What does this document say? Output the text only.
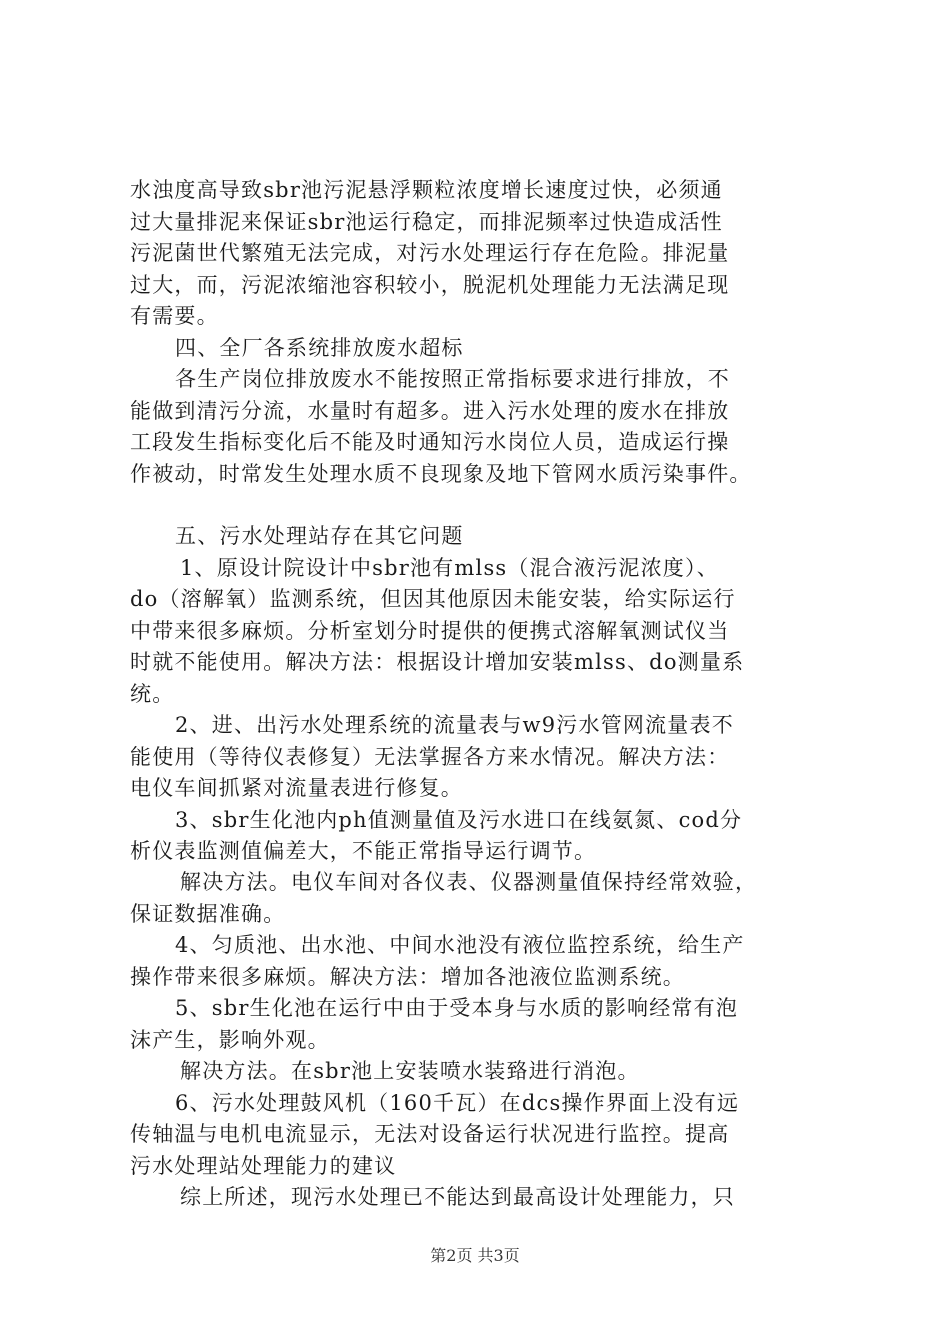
水浊度高导致sbr池污泥悬浮颗粒浓度增长速度过快，必须通
过大量排泥来保证sbr池运行稳定，而排泥频率过快造成活性
污泥菌世代繁殖无法完成，对污水处理运行存在危险。排泥量
过大，而，污泥浓缩池容积较小，脱泥机处理能力无法满足现
有需要。
四、全厂各系统排放废水超标
各生产岗位排放废水不能按照正常指标要求进行排放，不
能做到清污分流，水量时有超多。进入污水处理的废水在排放
工段发生指标变化后不能及时通知污水岗位人员，造成运行操
作被动，时常发生处理水质不良现象及地下管网水质污染事件。
五、污水处理站存在其它问题
1、原设计院设计中sbr池有mlss（混合液污泥浓度）、
do（溶解氧）监测系统，但因其他原因未能安装，给实际运行
中带来很多麻烦。分析室划分时提供的便携式溶解氧测试仪当
时就不能使用。解决方法：根据设计增加安装mlss、do测量系
统。
2、进、出污水处理系统的流量表与w9污水管网流量表不
能使用（等待仪表修复）无法掌握各方来水情况。解决方法：
电仪车间抓紧对流量表进行修复。
3、sbr生化池内ph值测量值及污水进口在线氨氮、cod分
析仪表监测值偏差大，不能正常指导运行调节。
解决方法。电仪车间对各仪表、仪器测量值保持经常效验，
保证数据准确。
4、匀质池、出水池、中间水池没有液位监控系统，给生产
操作带来很多麻烦。解决方法：增加各池液位监测系统。
5、sbr生化池在运行中由于受本身与水质的影响经常有泡
沫产生，影响外观。
解决方法。在sbr池上安装喷水装臵进行消泡。
6、污水处理鼓风机（160千瓦）在dcs操作界面上没有远
传轴温与电机电流显示，无法对设备运行状况进行监控。提高
污水处理站处理能力的建议
综上所述，现污水处理已不能达到最高设计处理能力，只
第2页 共3页
